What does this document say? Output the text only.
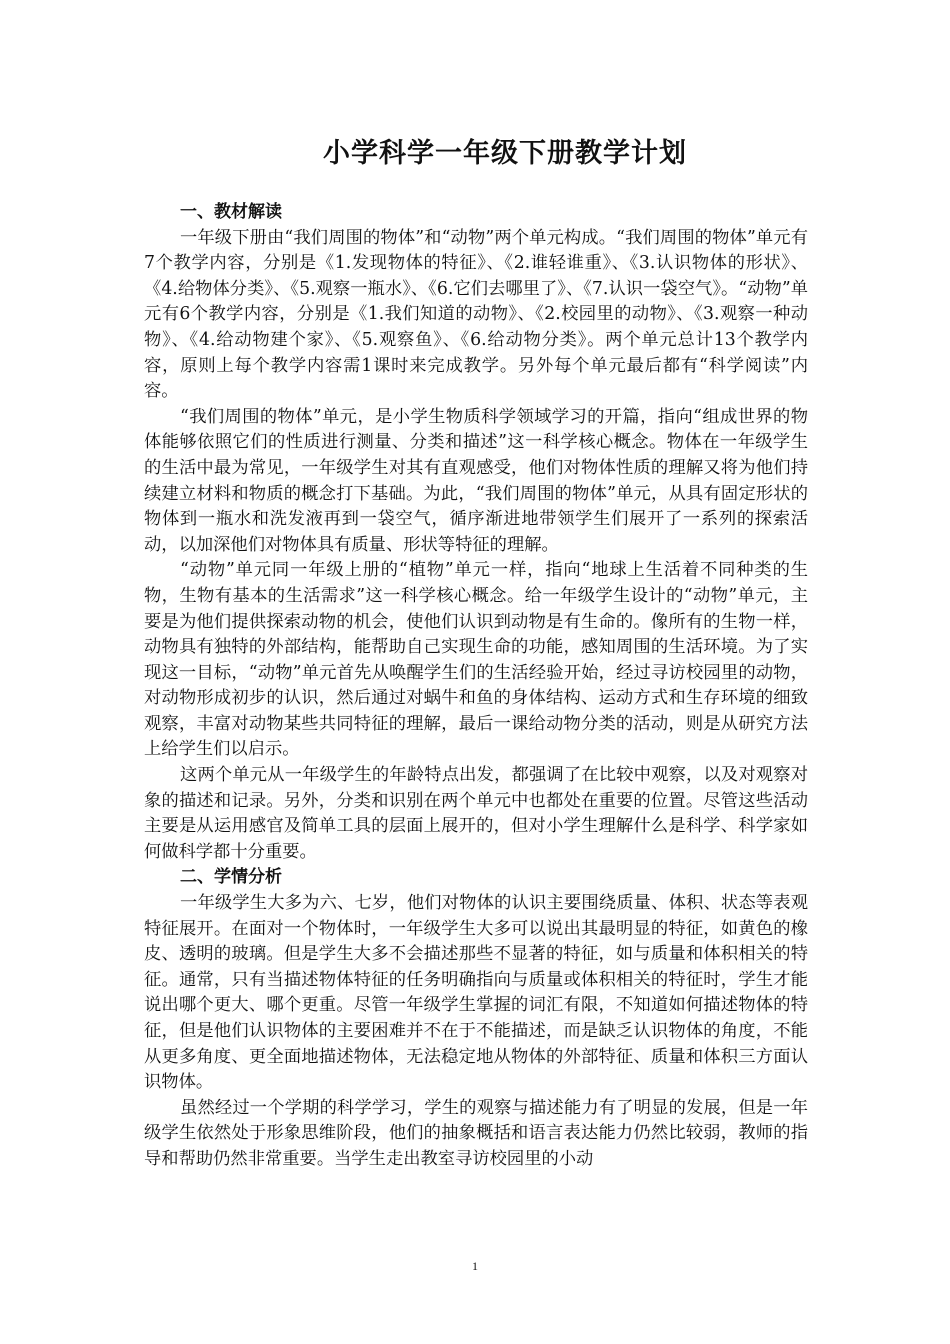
小学科学一年级下册教学计划
一、教材解读

一年级下册由“我们周围的物体”和“动物”两个单元构成。“我们周围的物体”单元有7个教学内容，分别是《1.发现物体的特征》、《2.谁轻谁重》、《3.认识物体的形状》、《4.给物体分类》、《5.观察一瓶水》、《6.它们去哪里了》、《7.认识一袋空气》。“动物”单元有6个教学内容，分别是《1.我们知道的动物》、《2.校园里的动物》、《3.观察一种动物》、《4.给动物建个家》、《5.观察鱼》、《6.给动物分类》。两个单元总计13个教学内容，原则上每个教学内容需1课时来完成教学。另外每个单元最后都有“科学阅读”内容。

“我们周围的物体”单元，是小学生物质科学领域学习的开篇，指向“组成世界的物体能够依照它们的性质进行测量、分类和描述”这一科学核心概念。物体在一年级学生的生活中最为常见，一年级学生对其有直观感受，他们对物体性质的理解又将为他们持续建立材料和物质的概念打下基础。为此，“我们周围的物体”单元，从具有固定形状的物体到一瓶水和洗发液再到一袋空气，循序渐进地带领学生们展开了一系列的探索活动，以加深他们对物体具有质量、形状等特征的理解。

“动物”单元同一年级上册的“植物”单元一样，指向“地球上生活着不同种类的生物，生物有基本的生活需求”这一科学核心概念。给一年级学生设计的“动物”单元，主要是为他们提供探索动物的机会，使他们认识到动物是有生命的。像所有的生物一样，动物具有独特的外部结构，能帮助自己实现生命的功能，感知周围的生活环境。为了实现这一目标，“动物”单元首先从唤醒学生们的生活经验开始，经过寻访校园里的动物，对动物形成初步的认识，然后通过对蜗牛和鱼的身体结构、运动方式和生存环境的细致观察，丰富对动物某些共同特征的理解，最后一课给动物分类的活动，则是从研究方法上给学生们以启示。

这两个单元从一年级学生的年龄特点出发，都强调了在比较中观察，以及对观察对象的描述和记录。另外，分类和识别在两个单元中也都处在重要的位置。尽管这些活动主要是从运用感官及简单工具的层面上展开的，但对小学生理解什么是科学、科学家如何做科学都十分重要。

二、学情分析

一年级学生大多为六、七岁，他们对物体的认识主要围绕质量、体积、状态等表观特征展开。在面对一个物体时，一年级学生大多可以说出其最明显的特征，如黄色的橡皮、透明的玻璃。但是学生大多不会描述那些不显著的特征，如与质量和体积相关的特征。通常，只有当描述物体特征的任务明确指向与质量或体积相关的特征时，学生才能说出哪个更大、哪个更重。尽管一年级学生掌握的词汇有限，不知道如何描述物体的特征，但是他们认识物体的主要困难并不在于不能描述，而是缺乏认识物体的角度，不能从更多角度、更全面地描述物体，无法稳定地从物体的外部特征、质量和体积三方面认识物体。

虽然经过一个学期的科学学习，学生的观察与描述能力有了明显的发展，但是一年级学生依然处于形象思维阶段，他们的抽象概括和语言表达能力仍然比较弱，教师的指导和帮助仍然非常重要。当学生走出教室寻访校园里的小动

1
